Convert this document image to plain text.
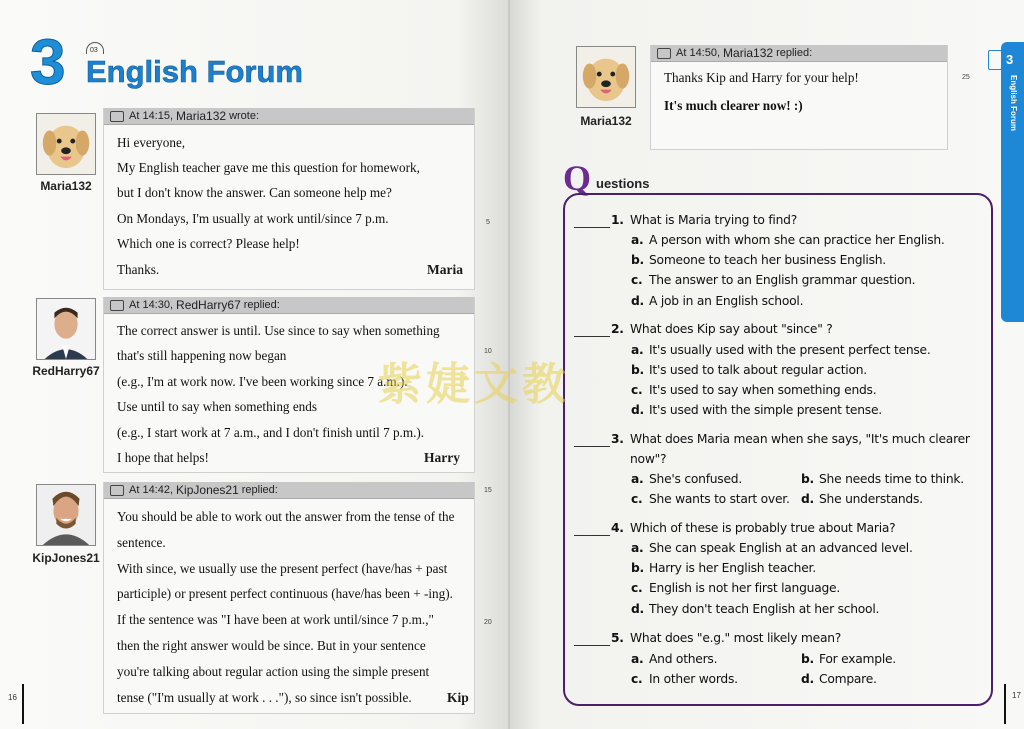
3	03
English Forum
Maria132
At 14:15, Maria132 wrote:
Hi everyone,
My English teacher gave me this question for homework,
but I don't know the answer. Can someone help me?
On Mondays, I'm usually at work until/since 7 p.m.
Which one is correct? Please help!
Thanks.	Maria
RedHarry67
At 14:30, RedHarry67 replied:
The correct answer is until. Use since to say when something
that's still happening now began
(e.g., I'm at work now. I've been working since 7 a.m.).
Use until to say when something ends
(e.g., I start work at 7 a.m., and I don't finish until 7 p.m.).
I hope that helps!	Harry
KipJones21
At 14:42, KipJones21 replied:
You should be able to work out the answer from the tense of the
sentence.
With since, we usually use the present perfect (have/has + past
participle) or present perfect continuous (have/has been + -ing).
If the sentence was "I have been at work until/since 7 p.m.,"
then the right answer would be since. But in your sentence
you're talking about regular action using the simple present
tense ("I'm usually at work . . ."), so since isn't possible.	Kip
5
10
15
20
16
Maria132
At 14:50, Maria132 replied:
Thanks Kip and Harry for your help!
It's much clearer now! :)
25
3
English Forum
Q uestions
1. What is Maria trying to find?
a. A person with whom she can practice her English.
b. Someone to teach her business English.
c. The answer to an English grammar question.
d. A job in an English school.
2. What does Kip say about "since" ?
a. It's usually used with the present perfect tense.
b. It's used to talk about regular action.
c. It's used to say when something ends.
d. It's used with the simple present tense.
3. What does Maria mean when she says, "It's much clearer
now"?
a. She's confused.	b. She needs time to think.
c. She wants to start over. d. She understands.
4. Which of these is probably true about Maria?
a. She can speak English at an advanced level.
b. Harry is her English teacher.
c. English is not her first language.
d. They don't teach English at her school.
5. What does "e.g." most likely mean?
a. And others.	b. For example.
c. In other words.	d. Compare.
17
紫婕文教
